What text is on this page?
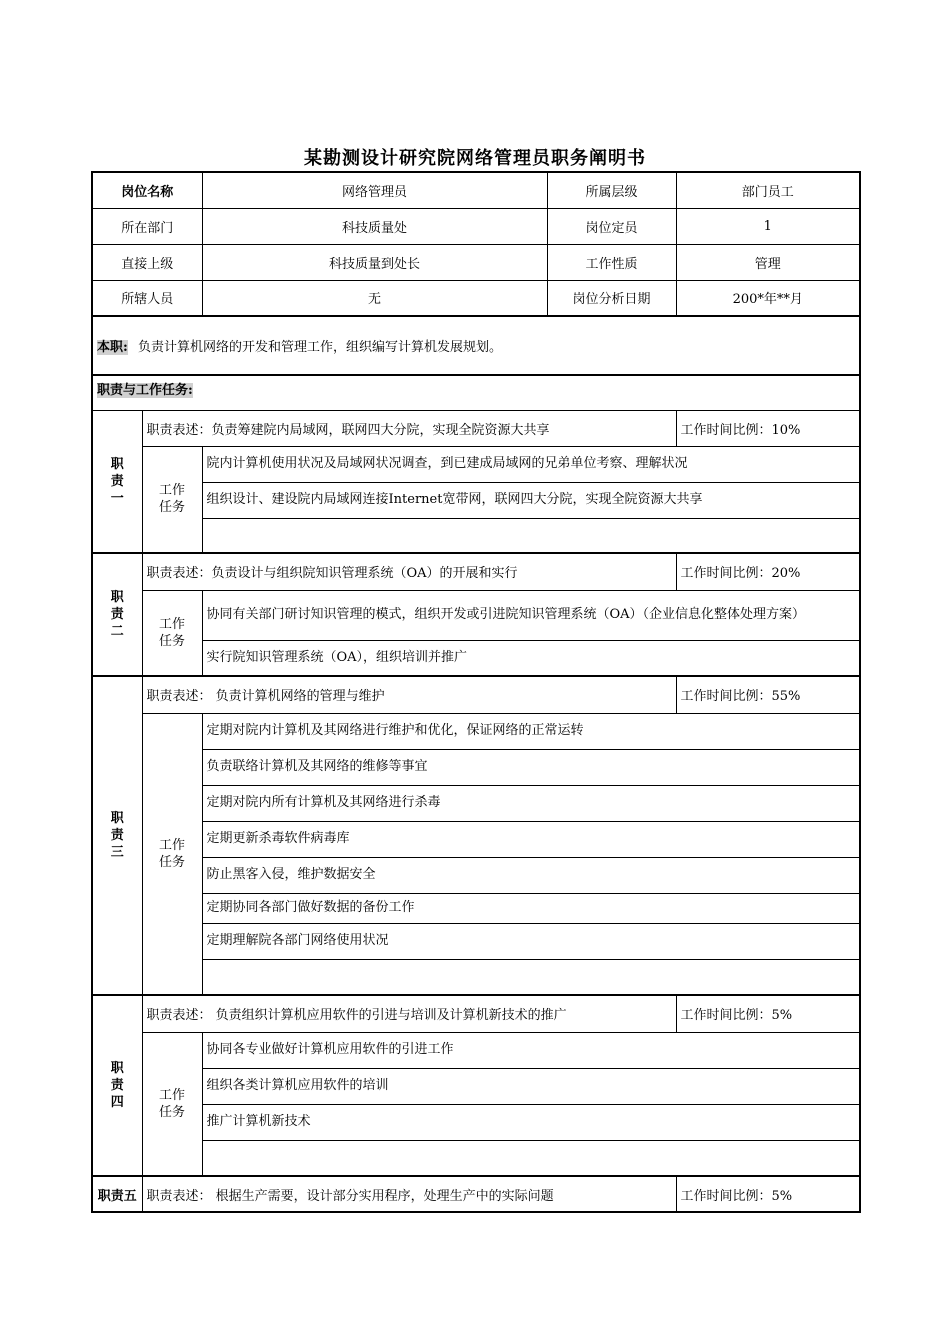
某勘测设计研究院网络管理员职务阐明书
岗位名称		网络管理员	所属层级	部门员工
所在部门		科技质量处	岗位定员	1
直接上级		科技质量到处长	工作性质	管理
所辖人员		无	岗位分析日期	200*年**月
本职: 负责计算机网络的开发和管理工作，组织编写计算机发展规划。				
职责与工作任务:				

职
责
一	职责表述：负责筹建院内局域网，联网四大分院，实现全院资源大共享			工作时间比例：10%
	工作任务	院内计算机使用状况及局域网状况调查，到已建成局域网的兄弟单位考察、理解状况		
		组织设计、建设院内局域网连接Internet宽带网，联网四大分院，实现全院资源大共享		

职
责
二	职责表述：负责设计与组织院知识管理系统（OA）的开展和实行			工作时间比例：20%
	工作任务	协同有关部门研讨知识管理的模式，组织开发或引进院知识管理系统（OA）（企业信息化整体处理方案）		
		实行院知识管理系统（OA），组织培训并推广		

职
责
三	职责表述： 负责计算机网络的管理与维护			工作时间比例：55%
	工作任务	定期对院内计算机及其网络进行维护和优化，保证网络的正常运转		
		负责联络计算机及其网络的维修等事宜		
		定期对院内所有计算机及其网络进行杀毒		
		定期更新杀毒软件病毒库		
		防止黑客入侵，维护数据安全		
		定期协同各部门做好数据的备份工作		
		定期理解院各部门网络使用状况		

职
责
四	职责表述： 负责组织计算机应用软件的引进与培训及计算机新技术的推广			工作时间比例：5%
	工作任务	协同各专业做好计算机应用软件的引进工作		
		组织各类计算机应用软件的培训		
		推广计算机新技术		

职责五	职责表述： 根据生产需要，设计部分实用程序，处理生产中的实际问题			工作时间比例：5%
